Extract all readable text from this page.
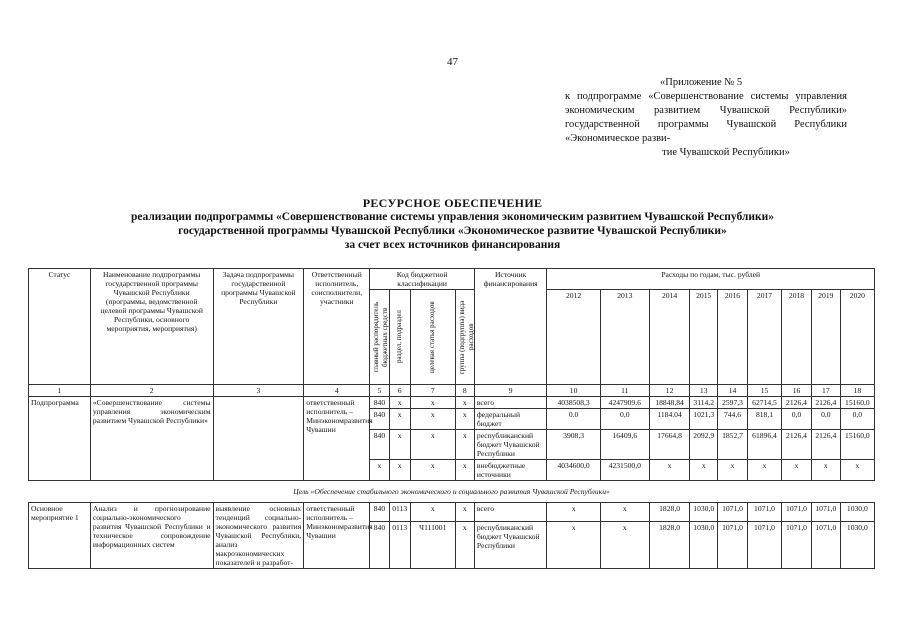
47
«Приложение № 5
к подпрограмме «Совершенствование системы управления экономическим развитием Чувашской Республики» государственной программы Чувашской Республики «Экономическое разви-
тие Чувашской Республики»
РЕСУРСНОЕ ОБЕСПЕЧЕНИЕ
реализации подпрограммы «Совершенствование системы управления экономическим развитием Чувашской Республики»
государственной программы Чувашской Республики «Экономическое развитие Чувашской Республики»
за счет всех источников финансирования
Статус	Наименование подпрограммы государственной программы Чувашской Республики (программы, ведомственной целевой программы Чувашской Республики, основного мероприятия, мероприятия)	Задача подпрограммы государственной программы Чувашской Республики	Ответственный исполнитель, соисполнители, участники	Код бюджетной классификации				Источник финансирования	Расходы по годам, тыс. рублей								

				главный распорядитель бюджетных средств	раздел, подраздел	целевая статья расходов	группа (подгруппа) вида расходов		2012	2013	2014	2015	2016	2017	2018	2019	2020
1	2	3	4	5	6	7	8	9	10	11	12	13	14	15	16	17	18
Подпрограмма	«Совершенствование системы управления экономическим развитием Чувашской Республики»		ответственный исполнитель – Минэкономразвития Чувашии	840	х	х	х	всего	4038508,3	4247909,6	18848,84	3114,2	2597,3	62714,5	2126,4	2126,4	15160,0
				840	х	х	х	федеральный бюджет	0.0	0,0	1184.04	1021,3	744,6	818,1	0,0	0,0	0,0
				840	х	х	х	республиканский бюджет Чувашской Республики	3908,3	16409,6	17664,8	2092,9	1852,7	61896,4	2126,4	2126,4	15160,0
				х	х	х	х	внебюджетные источники	4034600,0	4231500,0	х	х	х	х	х	х	х
Цель «Обеспечение стабильного экономического и социального развития Чувашской Республики»																	
Основное мероприятие 1	Анализ и прогнозирование социально-экономического развития Чувашской Республики и техническое сопровождение информационных систем	выявление основных тенденций социально-экономического развития Чувашской Республики, анализ макроэкономических показателей и разработ-	ответственный исполнитель – Минэкономразвития Чувашии	840	0113	х	х	всего	х	х	1828,0	1030,0	1071,0	1071,0	1071,0	1071,0	1030,0
				840	0113	Ч111001	х	республиканский бюджет Чувашской Республики	х	х	1828,0	1030,0	1071,0	1071,0	1071,0	1071,0	1030,0
